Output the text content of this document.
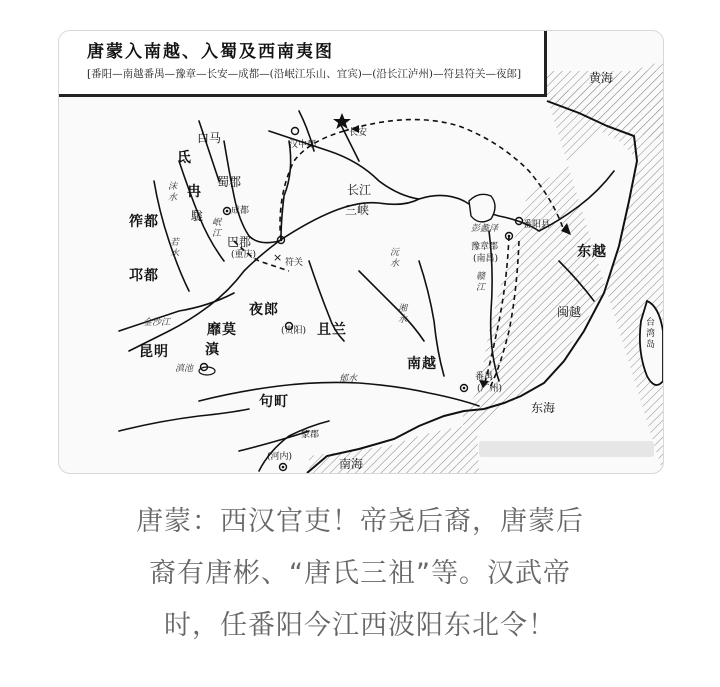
×

唐蒙入南越、入蜀及西南夷图

[番阳—南越番禺—豫章—长安—成都—(沿岷江乐山、宜宾)—(沿长江泸州)—符县符关—夜郎]

白马
氐
冉
駹
蜀郡
成都
筰都
邛都
昆明
靡莫
滇
夜郎
且兰
(贵阳)
巴郡
(重庆)
符关
汉中郡
长安
长江
三峡
彭蠡泽	番阳县
豫章郡
(南昌)
赣江
东越
闽越
南越
番禺
(广州)
句町
象郡
(河内)	南海
东海
黄海
台湾岛
沫水
岷江
若水
金沙江
沅水
湘水
滇池
郁水
唐蒙：西汉官吏！帝尧后裔，唐蒙后
裔有唐彬、“唐氏三祖”等。汉武帝
时，任番阳今江西波阳东北令！
